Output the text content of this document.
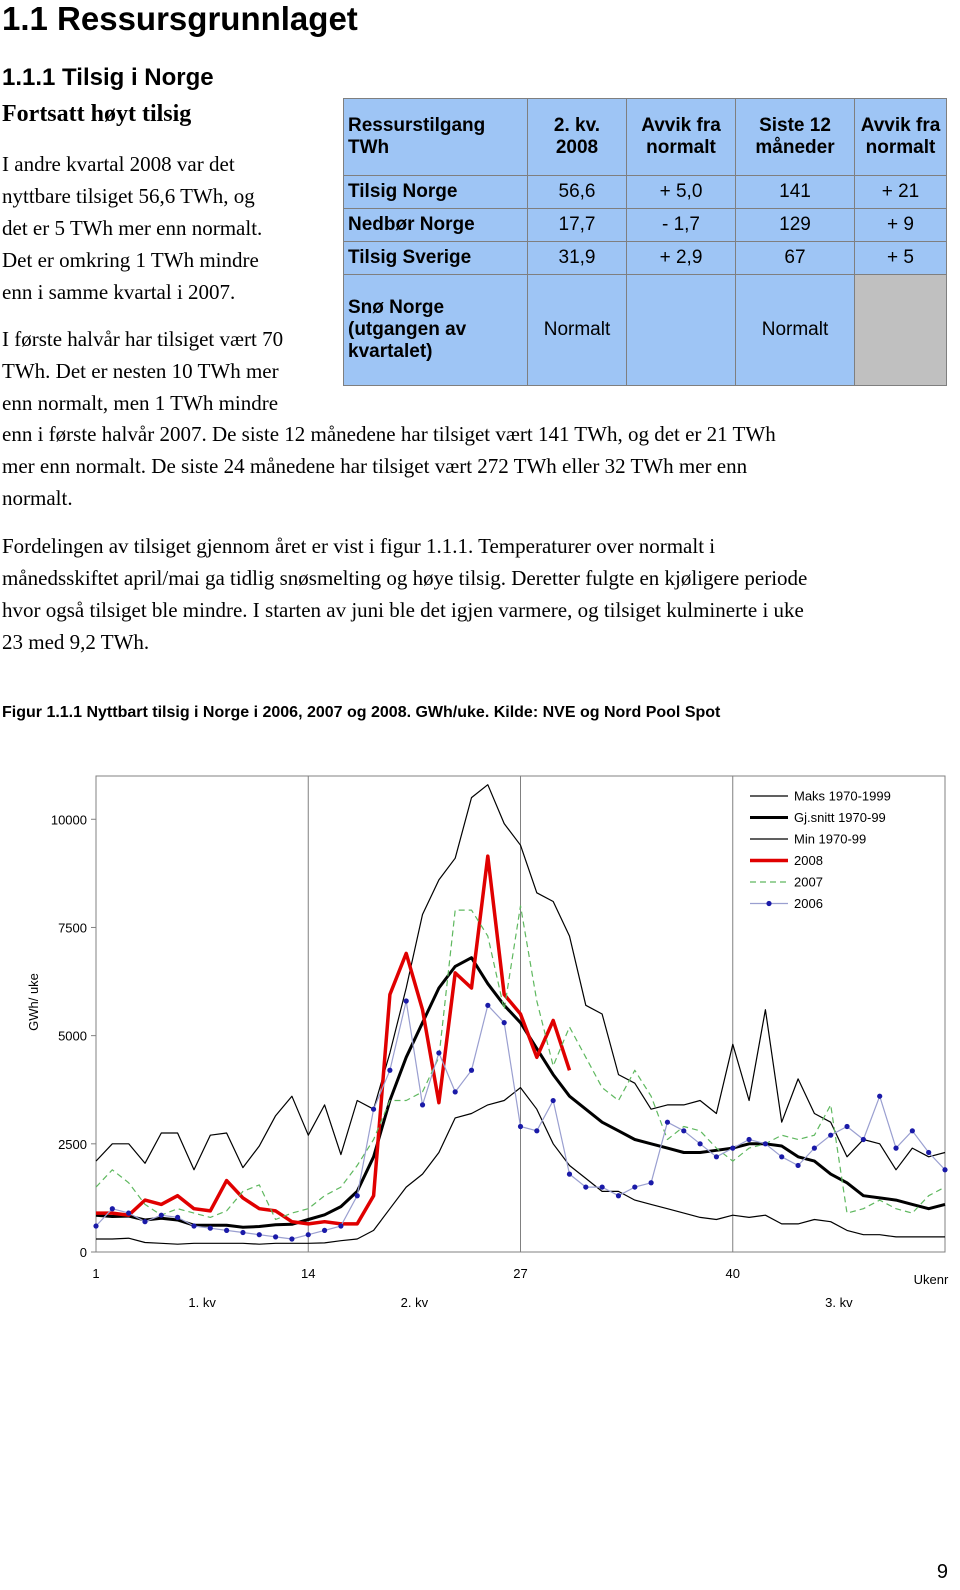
1.1 Ressursgrunnlaget
1.1.1 Tilsig i Norge
Fortsatt høyt tilsig
I andre kvartal 2008 var det
nyttbare tilsiget 56,6 TWh, og
det er 5 TWh mer enn normalt.
Det er omkring 1 TWh mindre
enn i samme kvartal i 2007.
I første halvår har tilsiget vært 70
TWh. Det er nesten 10 TWh mer
enn normalt, men 1 TWh mindre
Ressurstilgang TWh	2. kv. 2008	Avvik fra normalt	Siste 12 måneder	Avvik fra normalt
Tilsig Norge	56,6	+ 5,0	141	+ 21
Nedbør Norge	17,7	- 1,7	129	+ 9
Tilsig Sverige	31,9	+ 2,9	67	+ 5
Snø Norge (utgangen av kvartalet)	Normalt		Normalt	
enn i første halvår 2007. De siste 12 månedene har tilsiget vært 141 TWh, og det er 21 TWh
mer enn normalt. De siste 24 månedene har tilsiget vært 272 TWh eller 32 TWh mer enn
normalt.
Fordelingen av tilsiget gjennom året er vist i figur 1.1.1. Temperaturer over normalt i
månedsskiftet april/mai ga tidlig snøsmelting og høye tilsig. Deretter fulgte en kjøligere periode
hvor også tilsiget ble mindre. I starten av juni ble det igjen varmere, og tilsiget kulminerte i uke
23 med 9,2 TWh.
Figur 1.1.1 Nyttbart tilsig i Norge i 2006, 2007 og 2008. GWh/uke. Kilde: NVE og Nord Pool Spot
0
2500
5000
7500
10000
1	14	27	40
1. kv	2. kv	3. kv
GWh/ uke
Ukenr
Maks 1970-1999
Gj.snitt 1970-99
Min 1970-99
2008
2007
2006
9
